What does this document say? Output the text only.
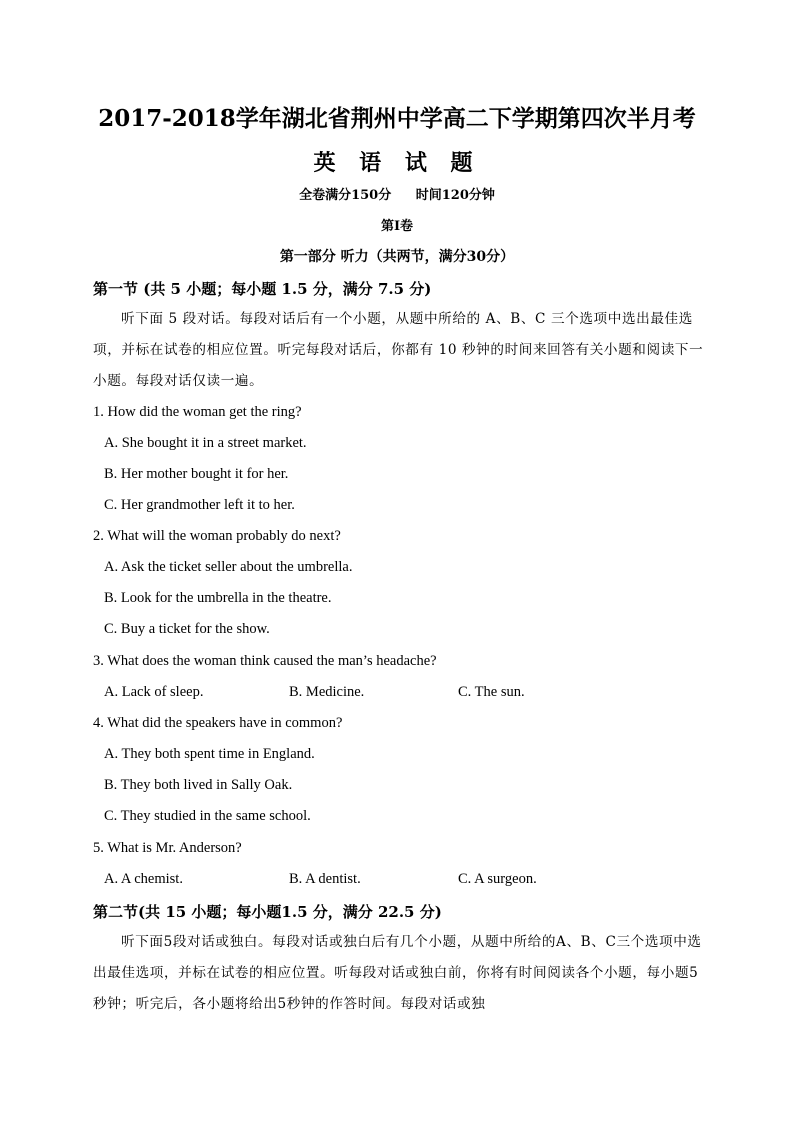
2017-2018学年湖北省荆州中学高二下学期第四次半月考
英 语 试 题
全卷满分150分 时间120分钟
第Ⅰ卷
第一部分 听力（共两节，满分30分）
第一节 (共 5 小题；每小题 1.5 分，满分 7.5 分)
听下面 5 段对话。每段对话后有一个小题，从题中所给的 A、B、C 三个选项中选出最佳选项，并标在试卷的相应位置。听完每段对话后，你都有 10 秒钟的时间来回答有关小题和阅读下一小题。每段对话仅读一遍。
1. How did the woman get the ring?
A. She bought it in a street market.
B. Her mother bought it for her.
C. Her grandmother left it to her.
2. What will the woman probably do next?
A. Ask the ticket seller about the umbrella.
B. Look for the umbrella in the theatre.
C. Buy a ticket for the show.
3. What does the woman think caused the man’s headache?
A. Lack of sleep.	B. Medicine.	C. The sun.
4. What did the speakers have in common?
A. They both spent time in England.
B. They both lived in Sally Oak.
C. They studied in the same school.
5. What is Mr. Anderson?
A. A chemist.	B. A dentist.	C. A surgeon.
第二节(共 15 小题；每小题1.5 分，满分 22.5 分)
听下面5段对话或独白。每段对话或独白后有几个小题，从题中所给的A、B、C三个选项中选出最佳选项，并标在试卷的相应位置。听每段对话或独白前，你将有时间阅读各个小题，每小题5秒钟；听完后，各小题将给出5秒钟的作答时间。每段对话或独
